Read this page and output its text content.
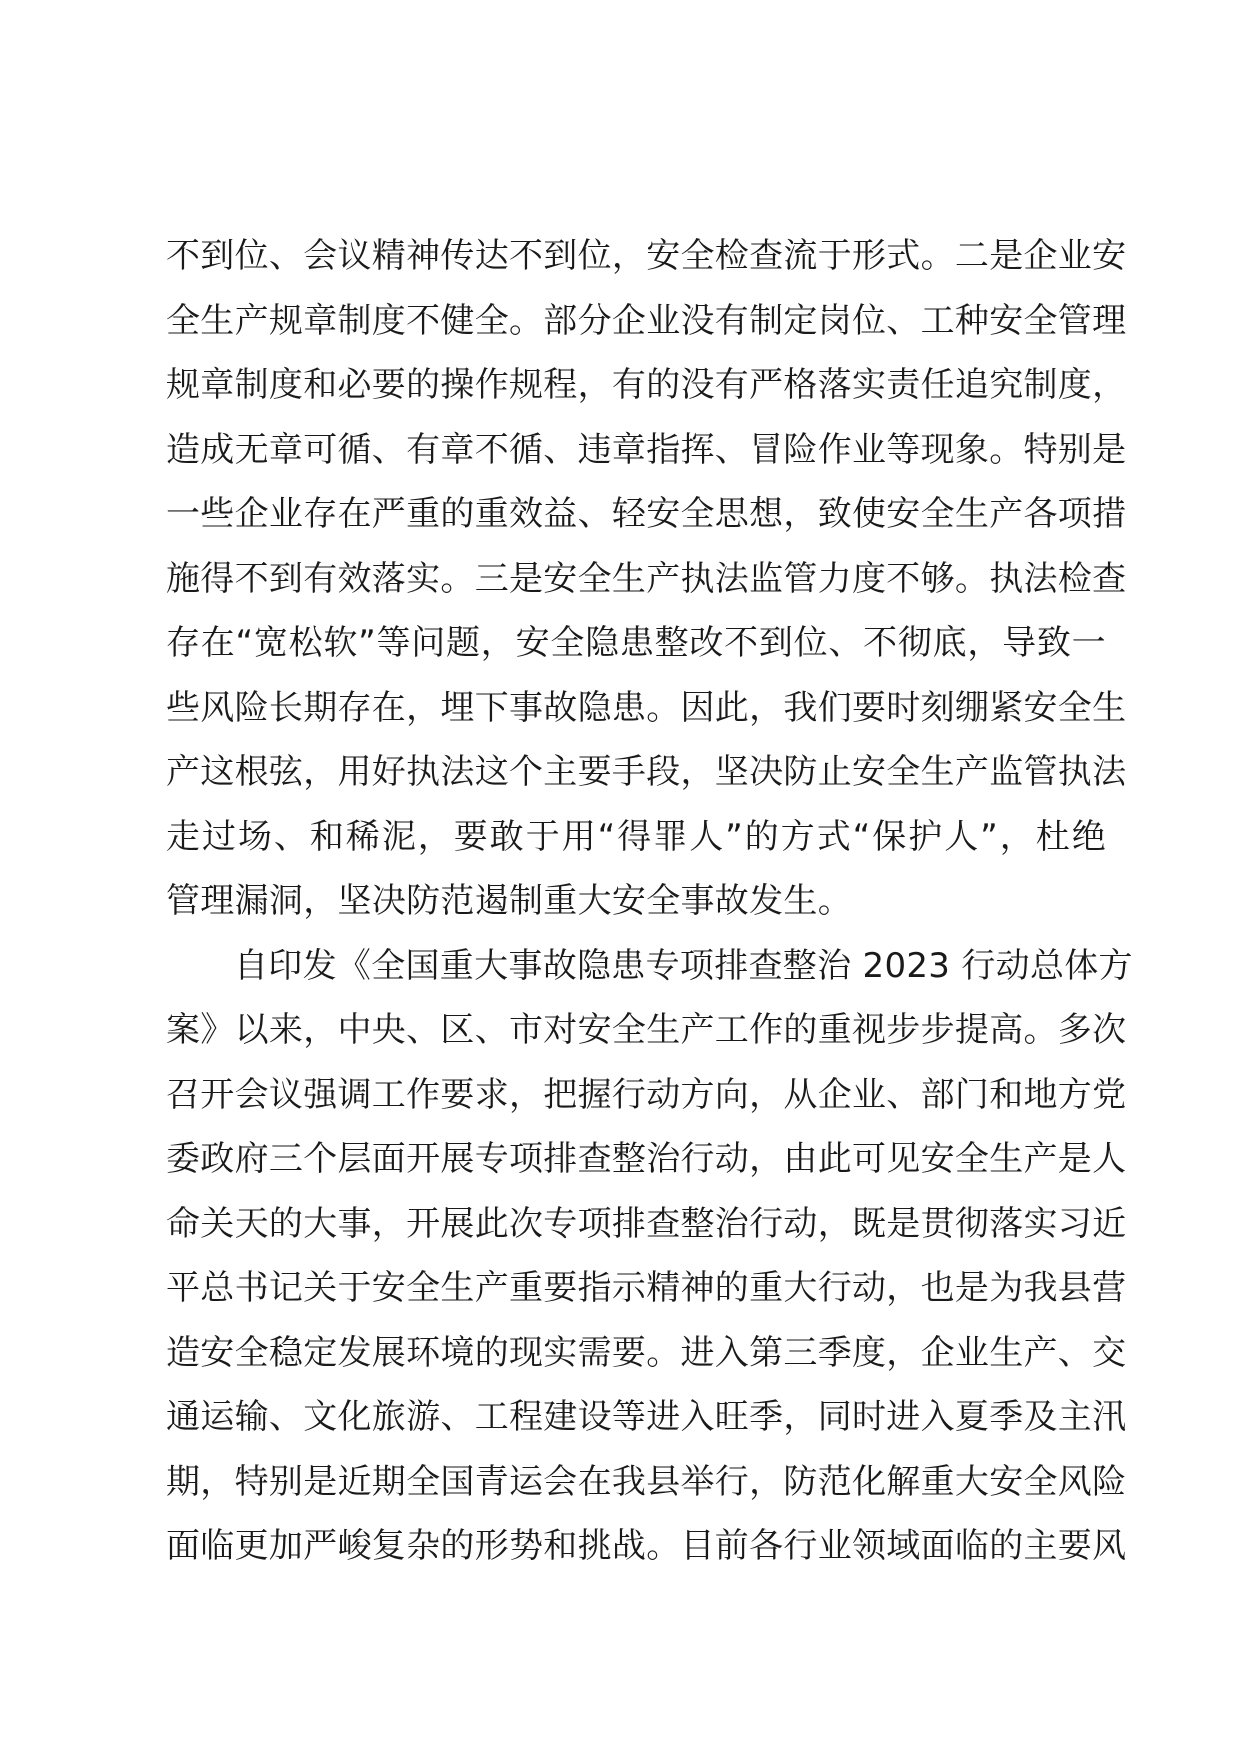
不到位、会议精神传达不到位，安全检查流于形式。二是企业安
全生产规章制度不健全。部分企业没有制定岗位、工种安全管理
规章制度和必要的操作规程，有的没有严格落实责任追究制度，
造成无章可循、有章不循、违章指挥、冒险作业等现象。特别是
一些企业存在严重的重效益、轻安全思想，致使安全生产各项措
施得不到有效落实。三是安全生产执法监管力度不够。执法检查
存在“宽松软”等问题，安全隐患整改不到位、不彻底，导致一
些风险长期存在，埋下事故隐患。因此，我们要时刻绷紧安全生
产这根弦，用好执法这个主要手段，坚决防止安全生产监管执法
走过场、和稀泥，要敢于用“得罪人”的方式“保护人”，杜绝
管理漏洞，坚决防范遏制重大安全事故发生。
自印发《全国重大事故隐患专项排查整治 2023 行动总体方
案》以来，中央、区、市对安全生产工作的重视步步提高。多次
召开会议强调工作要求，把握行动方向，从企业、部门和地方党
委政府三个层面开展专项排查整治行动，由此可见安全生产是人
命关天的大事，开展此次专项排查整治行动，既是贯彻落实习近
平总书记关于安全生产重要指示精神的重大行动，也是为我县营
造安全稳定发展环境的现实需要。进入第三季度，企业生产、交
通运输、文化旅游、工程建设等进入旺季，同时进入夏季及主汛
期，特别是近期全国青运会在我县举行，防范化解重大安全风险
面临更加严峻复杂的形势和挑战。目前各行业领域面临的主要风
